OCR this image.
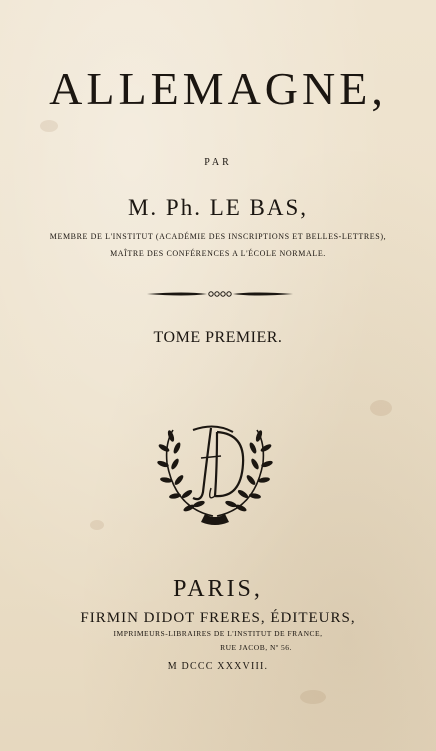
ALLEMAGNE,
PAR
M. Ph. LE BAS,
MEMBRE DE L'INSTITUT (ACADÉMIE DES INSCRIPTIONS ET BELLES-LETTRES),
MAÎTRE DES CONFÉRENCES A L'ÉCOLE NORMALE.
TOME PREMIER.
PARIS,
FIRMIN DIDOT FRERES, ÉDITEURS,
IMPRIMEURS-LIBRAIRES DE L'INSTITUT DE FRANCE,
RUE JACOB, Nº 56.
M DCCC XXXVIII.
